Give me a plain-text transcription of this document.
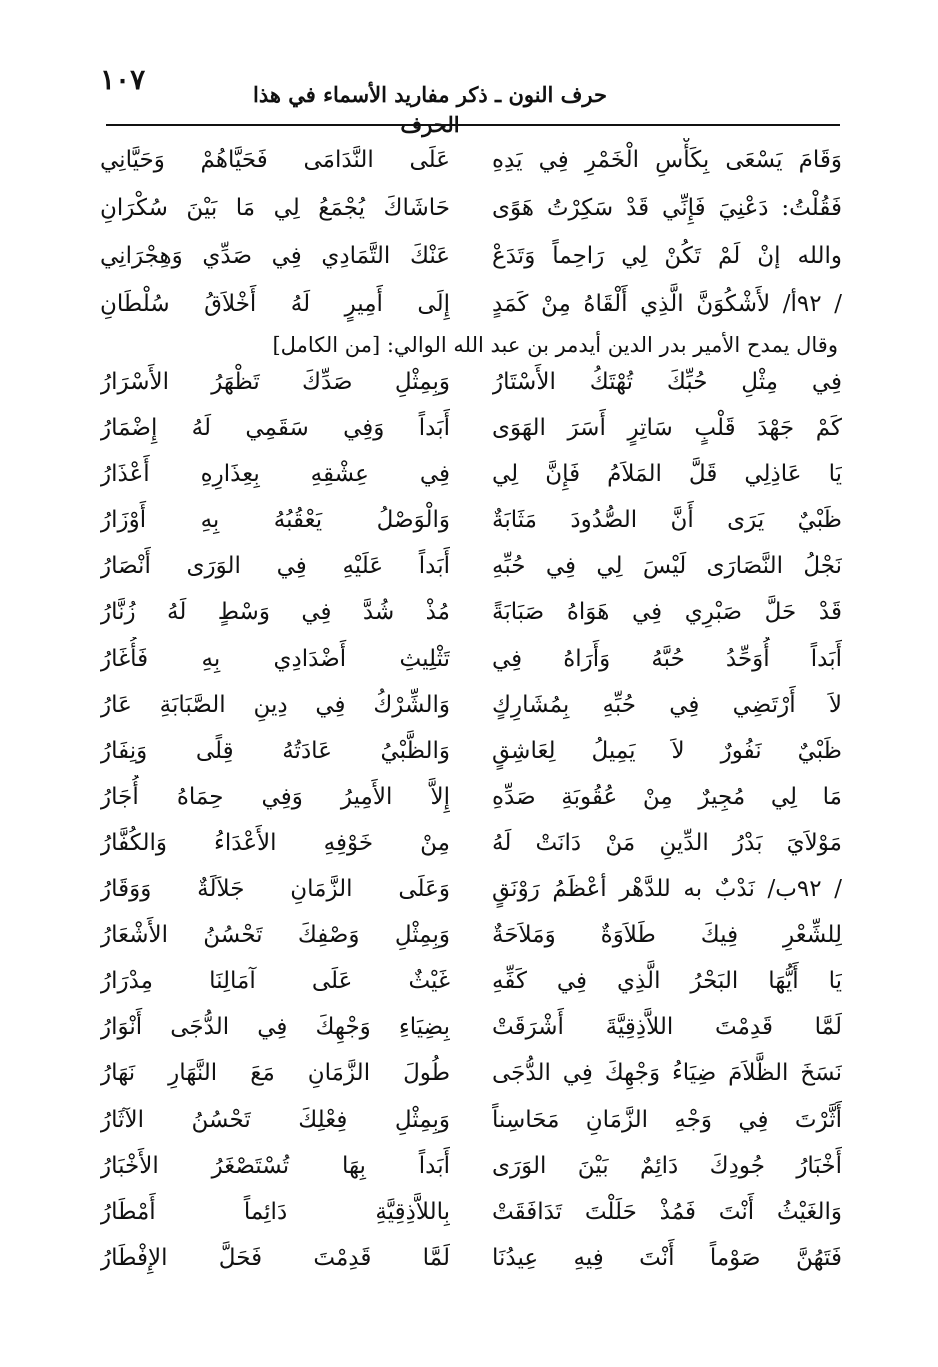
١٠٧	حرف النون ـ ذكر مفاريد الأسماء في هذا الحرف
وَقَامَ يَسْعَى بِكَأْسِ الْخَمْرِ فِي يَدِهِ
عَلَى النَّدَامَى فَحَيَّاهُمْ وَحَيَّانِي
فَقُلْتُ: دَعْنِيَ فَإِنِّي قَدْ سَكِرْتُ هَوًى
حَاشَاكَ يُجْمَعُ لِي مَا بَيْنَ سُكْرَانِ
والله إنْ لَمْ تَكُنْ لِي رَاحِماً وَتَدَعْ
عَنْكَ التَّمَادِي فِي صَدِّي وَهِجْرَانِي
/ ٩٢أ/ لأَشْكُوَنَّ الَّذِي أَلْقَاهُ مِنْ كَمَدٍ
إِلَى أَمِيرٍ لَهُ أَخْلاَقُ سُلْطَانِ
وقال يمدح الأمير بدر الدين أيدمر بن عبد الله الوالي: [من الكامل]
فِي مِثْلِ حُبِّكَ تُهْتَكُ الأَسْتَارُ
وَبِمِثْلِ صَدِّكَ تَظْهَرُ الأَسْرَارُ
كَمْ جَهْدَ قَلْبٍ سَاتِرٍ أَسَرَ الهَوَى
أَبَداً وَفِي سَقَمِي لَهُ إِضْمَارُ
يَا عَاذِلِي قَلَّ المَلاَمُ فَإِنَّ لِي
فِي عِشْقِهِ بِعِذَارِهِ أَعْذَارُ
ظَبْيٌ يَرَى أَنَّ الصُّدُودَ مَثَابَةٌ
وَالْوَصْلُ يَعْقُبُهُ بِهِ أَوْزَارُ
نَجْلُ النَّصَارَى لَيْسَ لِي فِي حُبِّهِ
أَبَداً عَلَيْهِ فِي الوَرَى أَنْصَارُ
قَدْ حَلَّ صَبْرِي فِي هَوَاهُ صَبَابَةً
مُذْ شُدَّ فِي وَسْطٍ لَهُ زُنَّارُ
أَبَداً أُوَحِّدُ حُبَّهُ وَأَرَاهُ فِي
تَثْلِيثِ أَضْدَادِي بِهِ فَأُغَارُ
لاَ أَرْتَضِي فِي حُبِّهِ بِمُشَارِكٍ
وَالشِّرْكُ فِي دِينِ الصَّبَابَةِ عَارُ
ظَبْيٌ نَفُورٌ لاَ يَمِيلُ لِعَاشِقٍ
وَالظَّبْيُ عَادَتُهُ قِلًى وَنِفَارُ
مَا لِي مُجِيرٌ مِنْ عُقُوبَةِ صَدِّهِ
إِلاَّ الأَمِيرُ وَفِي حِمَاهُ أُجَارُ
مَوْلاَيَ بَدْرُ الدِّينِ مَنْ دَانَتْ لَهُ
مِنْ خَوْفِهِ الأَعْدَاءُ وَالكُفَّارُ
/ ٩٢ب/ نَدْبٌ به للدَّهْر أعْظَمُ رَوْنَقٍ
وَعَلَى الزَّمَانِ جَلاَلَةٌ وَوَقَارُ
لِلشِّعْرِ فِيكَ طَلاَوَةٌ وَمَلاَحَةٌ
وَبِمِثْلِ وَصْفِكَ تَحْسُنُ الأَشْعَارُ
يَا أَيُّهَا البَحْرُ الَّذِي فِي كَفِّهِ
غَيْثٌ عَلَى آمَالِنَا مِدْرَارُ
لَمَّا قَدِمْتَ اللاَّذِقِيَّةَ أَشْرَقَتْ
بِضِيَاءِ وَجْهِكَ فِي الدُّجَى أَنْوَارُ
نَسَخَ الظَّلاَمَ ضِيَاءُ وَجْهِكَ فِي الدُّجَى
طُولَ الزَّمَانِ مَعَ النَّهَارِ نَهَارُ
أَثَّرْتَ فِي وَجْهِ الزَّمَانِ مَحَاسِناً
وَبِمِثْلِ فِعْلِكَ تَحْسُنُ الآثَارُ
أَخْبَارُ جُودِكَ دَائِمٌ بَيْنَ الوَرَى
أَبَداً بِهَا تُسْتَصْغَرُ الأَخْبَارُ
وَالغَيْثُ أَنْتَ فَمُذْ حَلَلْتَ تَدَافَقَتْ
بِاللاَّذِقِيَّةِ دَائِماً أَمْطَارُ
فَتَهُنَّ صَوْماً أَنْتَ فِيهِ عِيدُنَا
لَمَّا قَدِمْتَ فَحَلَّ الإِفْطَارُ
